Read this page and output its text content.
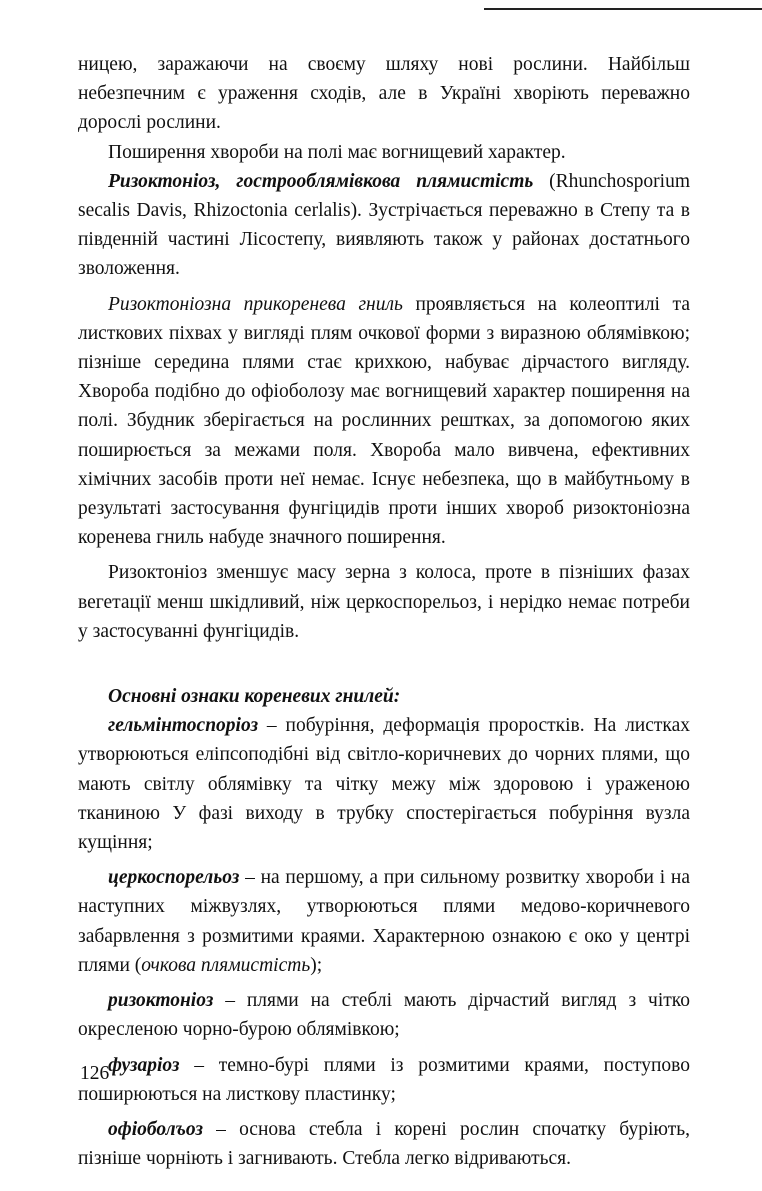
ницею, заражаючи на своєму шляху нові рослини. Найбільш небезпечним є ураження сходів, але в Україні хворіють переважно дорослі рослини.

Поширення хвороби на полі має вогнищевий характер.

Ризоктоніоз, гострооблямівкова плямистість (Rhunchosporium secalis Davis, Rhizoctonia cerlalis). Зустрічається переважно в Степу та в південній частині Лісостепу, виявляють також у районах достатнього зволоження.

Ризоктоніозна прикоренева гниль проявляється на колеоптилі та листкових піхвах у вигляді плям очкової форми з виразною облямівкою; пізніше середина плями стає крихкою, набуває дірчастого вигляду. Хвороба подібно до офіоболозу має вогнищевий характер поширення на полі. Збудник зберігається на рослинних рештках, за допомогою яких поширюється за межами поля. Хвороба мало вивчена, ефективних хімічних засобів проти неї немає. Існує небезпека, що в майбутньому в результаті застосування фунгіцидів проти інших хвороб ризоктоніозна коренева гниль набуде значного поширення.

Ризоктоніоз зменшує масу зерна з колоса, проте в пізніших фазах вегетації менш шкідливий, ніж церкоспорельоз, і нерідко немає потреби у застосуванні фунгіцидів.

Основні ознаки кореневих гнилей:

гельмінтоспоріоз – побуріння, деформація проростків. На листках утворюються еліпсоподібні від світло-коричневих до чорних плями, що мають світлу облямівку та чітку межу між здоровою і ураженою тканиною У фазі виходу в трубку спостерігається побуріння вузла кущіння;

церкоспорельоз – на першому, а при сильному розвитку хвороби і на наступних міжвузлях, утворюються плями медово-коричневого забарвлення з розмитими краями. Характерною ознакою є око у центрі плями (очкова плямистість);

ризоктоніоз – плями на стеблі мають дірчастий вигляд з чітко окресленою чорно-бурою облямівкою;

фузаріоз – темно-бурі плями із розмитими краями, поступово поширюються на листкову пластинку;

офіоболъоз – основа стебла і корені рослин спочатку буріють, пізніше чорніють і загнивають. Стебла легко відриваються.

126
